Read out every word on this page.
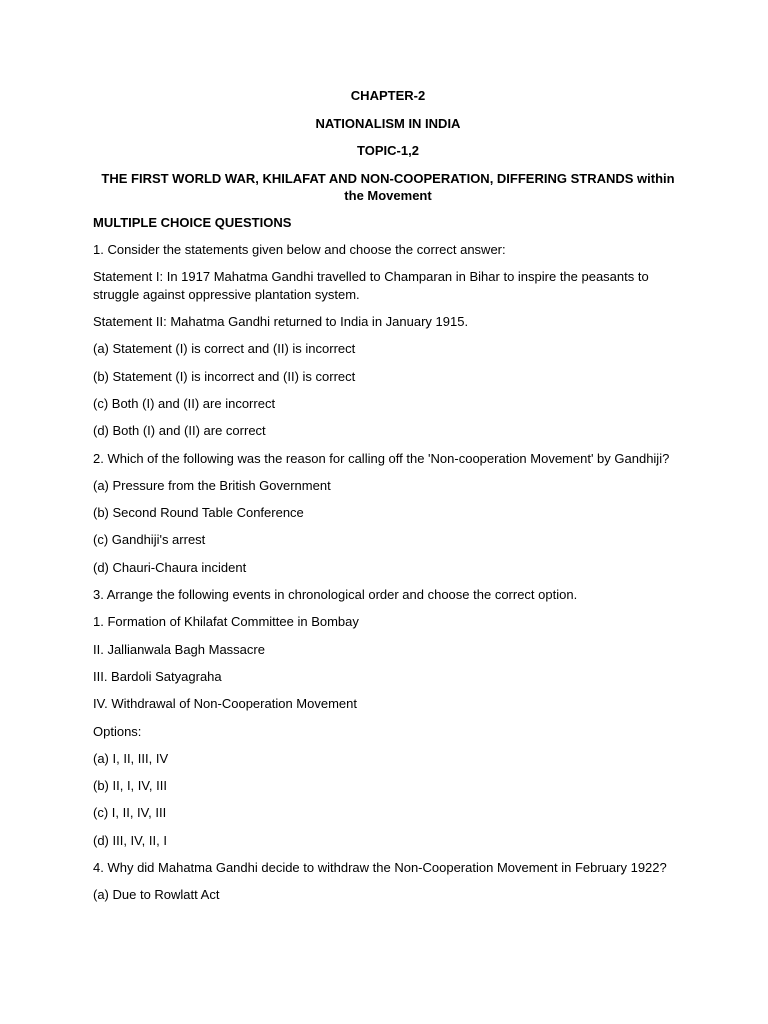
CHAPTER-2

NATIONALISM IN INDIA

TOPIC-1,2

THE FIRST WORLD WAR, KHILAFAT AND NON-COOPERATION, DIFFERING STRANDS within the Movement

MULTIPLE CHOICE QUESTIONS

1. Consider the statements given below and choose the correct answer:

Statement I: In 1917 Mahatma Gandhi travelled to Champaran in Bihar to inspire the peasants to struggle against oppressive plantation system.

Statement II: Mahatma Gandhi returned to India in January 1915.

(a) Statement (I) is correct and (II) is incorrect

(b) Statement (I) is incorrect and (II) is correct

(c) Both (I) and (II) are incorrect

(d) Both (I) and (II) are correct

2. Which of the following was the reason for calling off the 'Non-cooperation Movement' by Gandhiji?

(a) Pressure from the British Government

(b) Second Round Table Conference

(c) Gandhiji's arrest

(d) Chauri-Chaura incident

3. Arrange the following events in chronological order and choose the correct option.

1. Formation of Khilafat Committee in Bombay

II. Jallianwala Bagh Massacre

III. Bardoli Satyagraha

IV. Withdrawal of Non-Cooperation Movement

Options:

(a) I, II, III, IV

(b) II, I, IV, III

(c) I, II, IV, III

(d) III, IV, II, I

4. Why did Mahatma Gandhi decide to withdraw the Non-Cooperation Movement in February 1922?

(a) Due to Rowlatt Act
